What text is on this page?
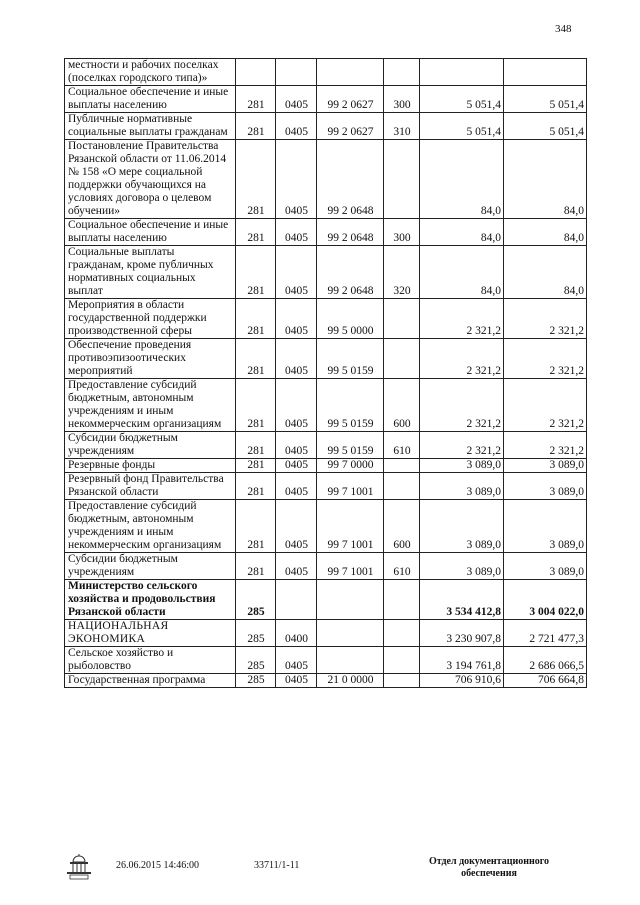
348
местности и рабочих поселках (поселках городского типа)»						
Социальное обеспечение и иные выплаты населению	281	0405	99 2 0627	300	5 051,4	5 051,4
Публичные нормативные социальные выплаты гражданам	281	0405	99 2 0627	310	5 051,4	5 051,4
Постановление Правительства Рязанской области от 11.06.2014 № 158 «О мере социальной поддержки обучающихся на условиях договора о целевом обучении»	281	0405	99 2 0648		84,0	84,0
Социальное обеспечение и иные выплаты населению	281	0405	99 2 0648	300	84,0	84,0
Социальные выплаты гражданам, кроме публичных нормативных социальных выплат	281	0405	99 2 0648	320	84,0	84,0
Мероприятия в области государственной поддержки производственной сферы	281	0405	99 5 0000		2 321,2	2 321,2
Обеспечение проведения противоэпизоотических мероприятий	281	0405	99 5 0159		2 321,2	2 321,2
Предоставление субсидий бюджетным, автономным учреждениям и иным некоммерческим организациям	281	0405	99 5 0159	600	2 321,2	2 321,2
Субсидии бюджетным учреждениям	281	0405	99 5 0159	610	2 321,2	2 321,2
Резервные фонды	281	0405	99 7 0000		3 089,0	3 089,0
Резервный фонд Правительства Рязанской области	281	0405	99 7 1001		3 089,0	3 089,0
Предоставление субсидий бюджетным, автономным учреждениям и иным некоммерческим организациям	281	0405	99 7 1001	600	3 089,0	3 089,0
Субсидии бюджетным учреждениям	281	0405	99 7 1001	610	3 089,0	3 089,0
Министерство сельского хозяйства и продовольствия Рязанской области	285				3 534 412,8	3 004 022,0
НАЦИОНАЛЬНАЯ ЭКОНОМИКА	285	0400			3 230 907,8	2 721 477,3
Сельское хозяйство и рыболовство	285	0405			3 194 761,8	2 686 066,5
Государственная программа	285	0405	21 0 0000		706 910,6	706 664,8
26.06.2015 14:46:00	33711/1-11	Отдел документационного обеспечения
